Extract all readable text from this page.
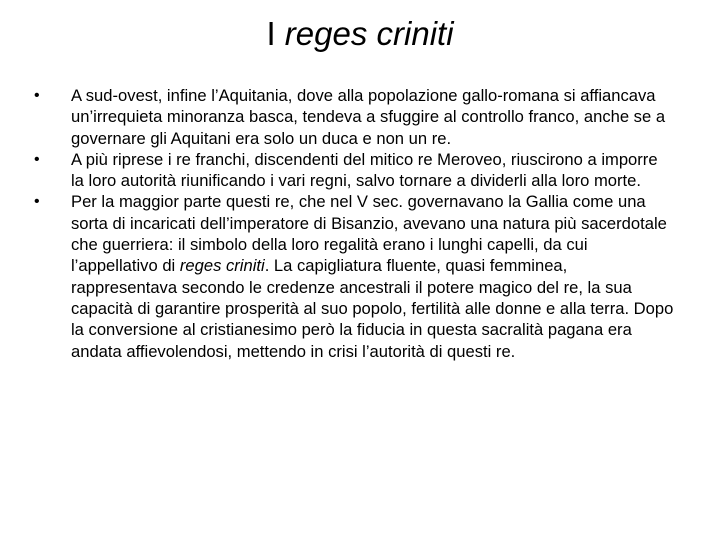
I reges criniti
•	A sud-ovest, infine l’Aquitania, dove alla popolazione gallo-romana si affiancava un’irrequieta minoranza basca, tendeva a sfuggire al controllo franco, anche se a governare gli Aquitani era solo un duca e non un re.
•	A più riprese i re franchi, discendenti del mitico re Meroveo, riuscirono a imporre la loro autorità riunificando i vari regni, salvo tornare a dividerli alla loro morte.
•	Per la maggior parte questi re, che nel V sec. governavano la Gallia come una sorta di incaricati dell’imperatore di Bisanzio, avevano una natura più sacerdotale che guerriera: il simbolo della loro regalità erano i lunghi capelli, da cui l’appellativo di reges criniti. La capigliatura fluente, quasi femminea, rappresentava secondo le credenze ancestrali il potere magico del re, la sua capacità di garantire prosperità al suo popolo, fertilità alle donne e alla terra. Dopo la conversione al cristianesimo però la fiducia in questa sacralità pagana era andata affievolendosi, mettendo in crisi l’autorità di questi re.
